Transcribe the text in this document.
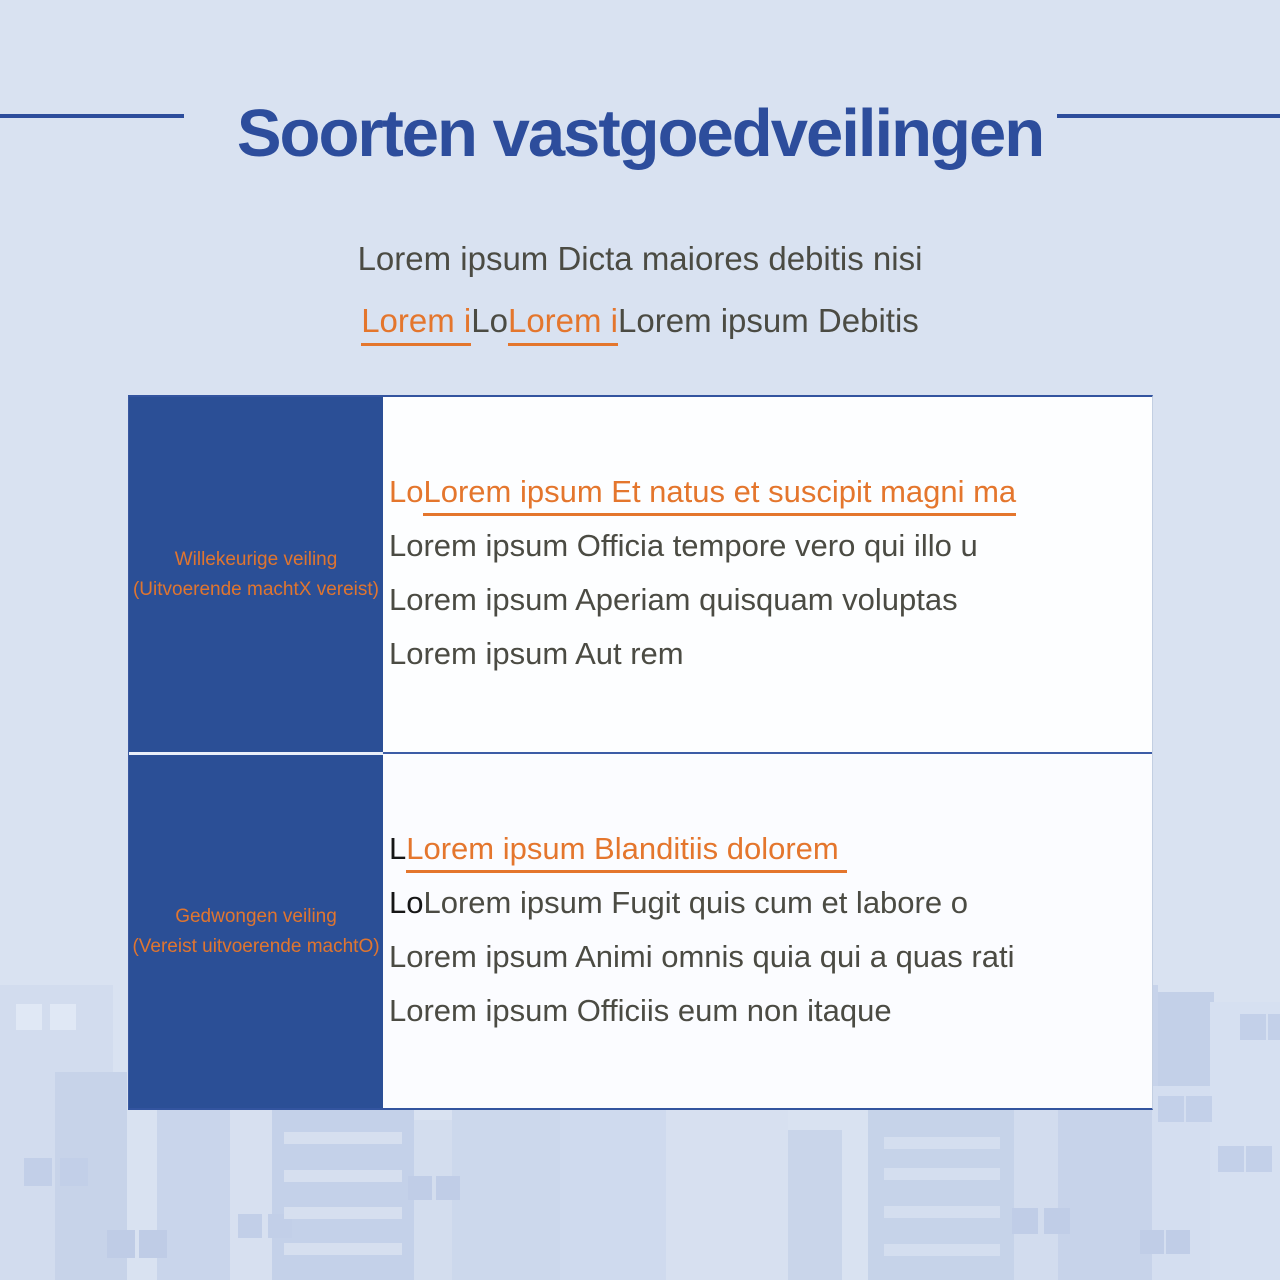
Soorten vastgoedveilingen
Lorem ipsum Dicta maiores debitis nisi
Lorem iLoLorem iLorem ipsum Debitis
Willekeurige veiling
(Uitvoerende machtX vereist)
LoLorem ipsum Et natus et suscipit magni ma
Lorem ipsum Officia tempore vero qui illo u
Lorem ipsum Aperiam quisquam voluptas
Lorem ipsum Aut rem
Gedwongen veiling
(Vereist uitvoerende machtO)
LLorem ipsum Blanditiis dolorem
LoLorem ipsum Fugit quis cum et labore o
Lorem ipsum Animi omnis quia qui a quas rati
Lorem ipsum Officiis eum non itaque
